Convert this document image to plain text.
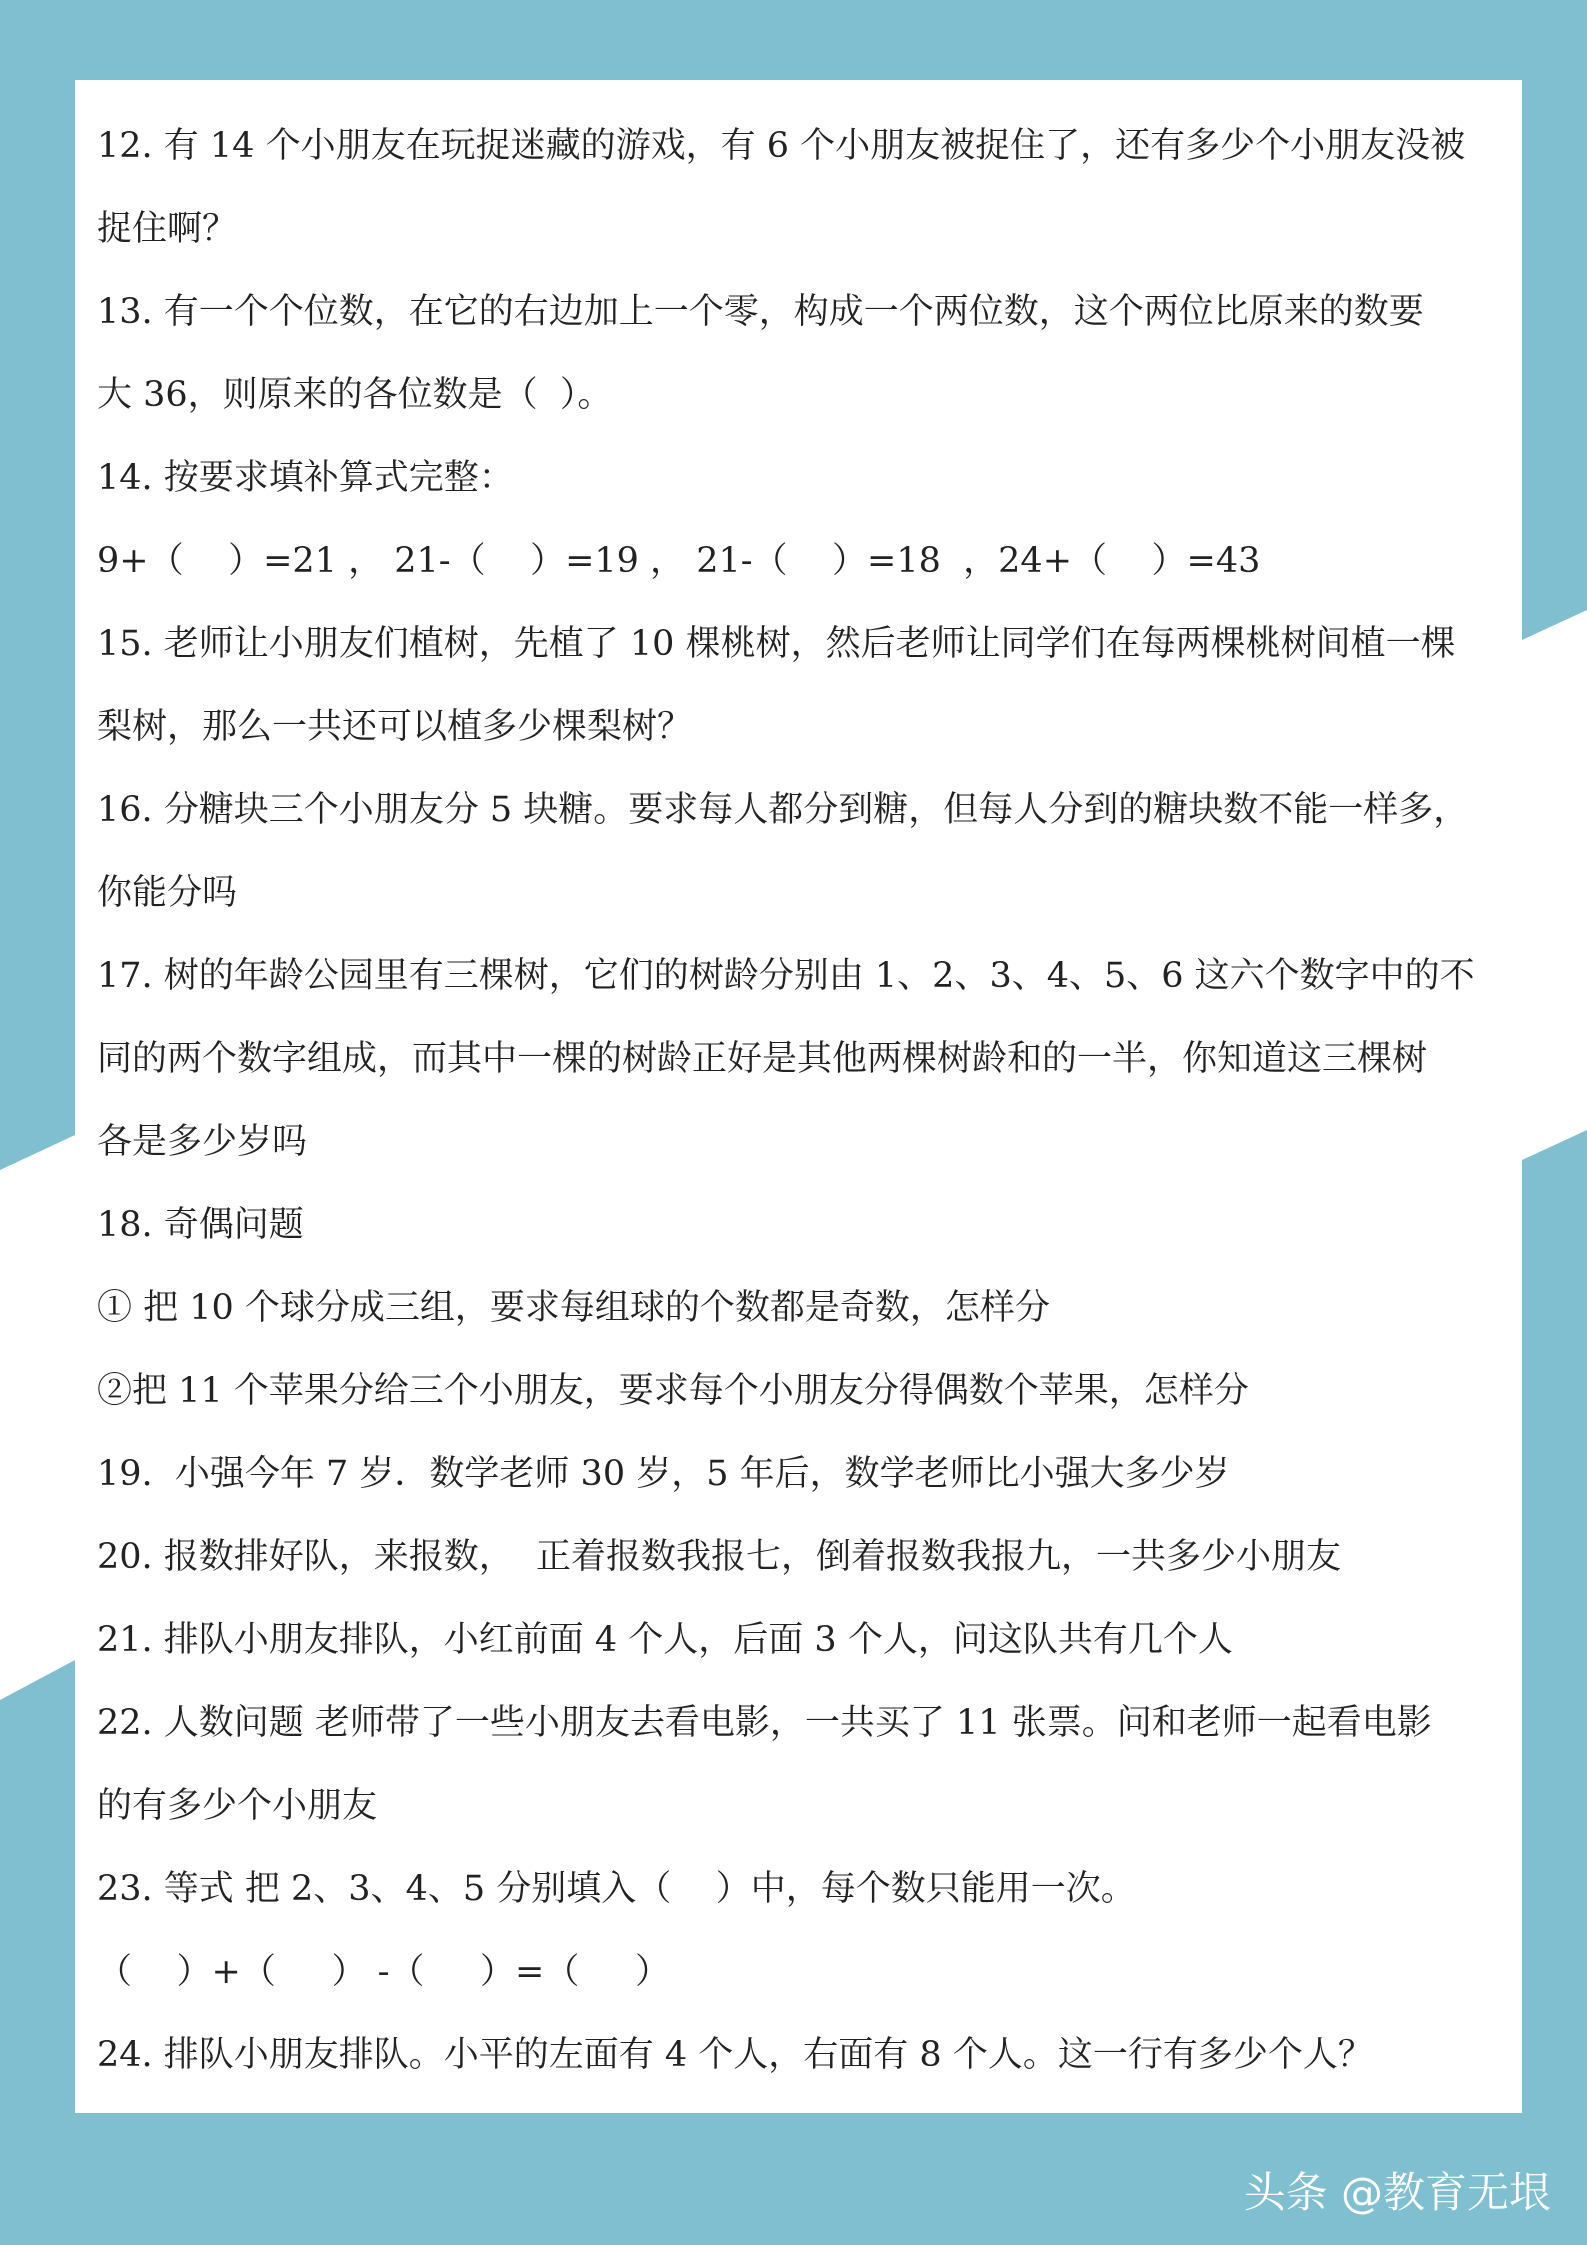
12. 有 14 个小朋友在玩捉迷藏的游戏，有 6 个小朋友被捉住了，还有多少个小朋友没被
捉住啊？
13. 有一个个位数，在它的右边加上一个零，构成一个两位数，这个两位比原来的数要
大 36，则原来的各位数是（  ）。
14. 按要求填补算式完整：
9+（    ）=21 ， 21-（    ）=19 ， 21-（    ）=18  ，24+（    ）=43
15. 老师让小朋友们植树，先植了 10 棵桃树，然后老师让同学们在每两棵桃树间植一棵
梨树，那么一共还可以植多少棵梨树？
16. 分糖块三个小朋友分 5 块糖。要求每人都分到糖，但每人分到的糖块数不能一样多，
你能分吗
17. 树的年龄公园里有三棵树，它们的树龄分别由 1、2、3、4、5、6 这六个数字中的不
同的两个数字组成，而其中一棵的树龄正好是其他两棵树龄和的一半，你知道这三棵树
各是多少岁吗
18. 奇偶问题
① 把 10 个球分成三组，要求每组球的个数都是奇数，怎样分
②把 11 个苹果分给三个小朋友，要求每个小朋友分得偶数个苹果，怎样分
19.  小强今年 7 岁．数学老师 30 岁，5 年后，数学老师比小强大多少岁
20. 报数排好队，来报数，  正着报数我报七，倒着报数我报九，一共多少小朋友
21. 排队小朋友排队，小红前面 4 个人，后面 3 个人，问这队共有几个人
22. 人数问题 老师带了一些小朋友去看电影，一共买了 11 张票。问和老师一起看电影
的有多少个小朋友
23. 等式 把 2、3、4、5 分别填入（    ）中，每个数只能用一次。
（    ）+（     ） -（     ）=（     ）
24. 排队小朋友排队。小平的左面有 4 个人，右面有 8 个人。这一行有多少个人？
头条 @教育无垠
